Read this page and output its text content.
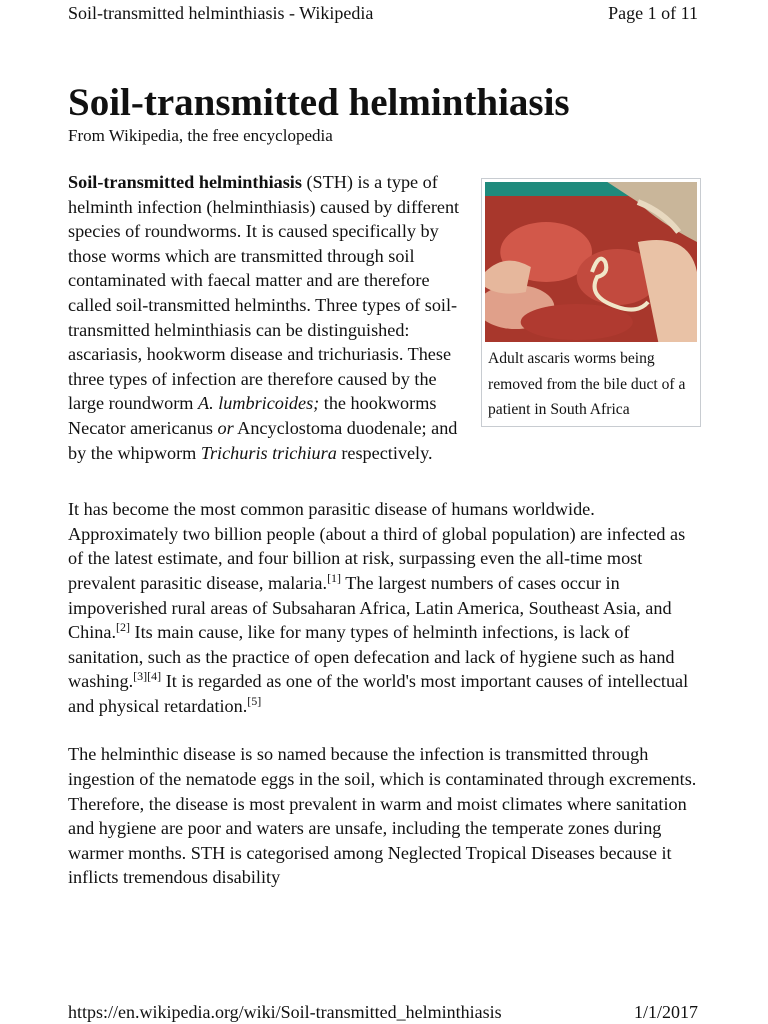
Soil-transmitted helminthiasis - Wikipedia	Page 1 of 11
Soil-transmitted helminthiasis
From Wikipedia, the free encyclopedia
Adult ascaris worms being removed from the bile duct of a patient in South Africa

Soil-transmitted helminthiasis (STH) is a type of helminth infection (helminthiasis) caused by different species of roundworms. It is caused specifically by those worms which are transmitted through soil contaminated with faecal matter and are therefore called soil-transmitted helminths. Three types of soil-transmitted helminthiasis can be distinguished: ascariasis, hookworm disease and trichuriasis. These three types of infection are therefore caused by the large roundworm A. lumbricoides; the hookworms Necator americanus or Ancyclostoma duodenale; and by the whipworm Trichuris trichiura respectively.

It has become the most common parasitic disease of humans worldwide. Approximately two billion people (about a third of global population) are infected as of the latest estimate, and four billion at risk, surpassing even the all-time most prevalent parasitic disease, malaria.[1] The largest numbers of cases occur in impoverished rural areas of Subsaharan Africa, Latin America, Southeast Asia, and China.[2] Its main cause, like for many types of helminth infections, is lack of sanitation, such as the practice of open defecation and lack of hygiene such as hand washing.[3][4] It is regarded as one of the world's most important causes of intellectual and physical retardation.[5]

The helminthic disease is so named because the infection is transmitted through ingestion of the nematode eggs in the soil, which is contaminated through excrements. Therefore, the disease is most prevalent in warm and moist climates where sanitation and hygiene are poor and waters are unsafe, including the temperate zones during warmer months. STH is categorised among Neglected Tropical Diseases because it inflicts tremendous disability

https://en.wikipedia.org/wiki/Soil-transmitted_helminthiasis	1/1/2017
